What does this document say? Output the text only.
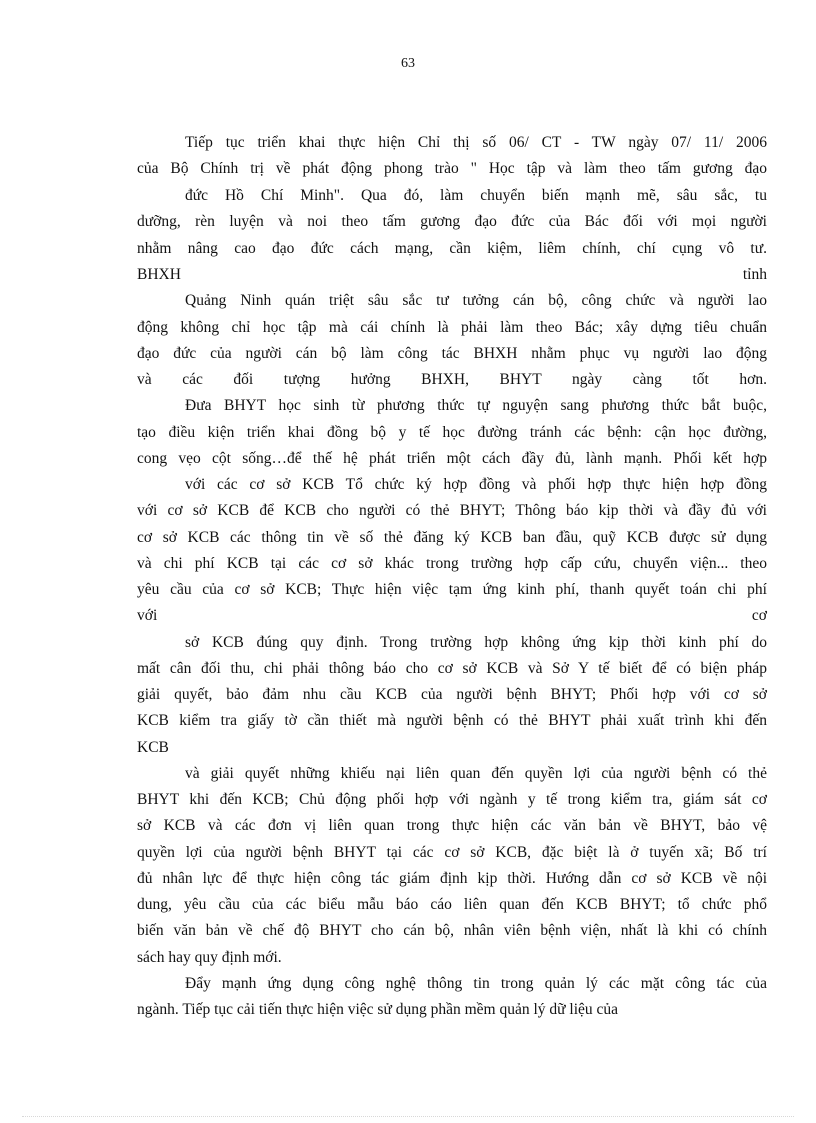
63
Tiếp tục triển khai thực hiện Chỉ thị số 06/ CT - TW ngày 07/ 11/ 2006
của Bộ Chính trị về phát động phong trào " Học tập và làm theo tấm gương đạo
đức Hồ Chí Minh". Qua đó, làm chuyển biến mạnh mẽ, sâu sắc, tu
dưỡng, rèn luyện và noi theo tấm gương đạo đức của Bác đối với mọi người
nhằm nâng cao đạo đức cách mạng, cần kiệm, liêm chính, chí cụng vô tư.
BHXH tỉnh
Quảng Ninh quán triệt sâu sắc tư tưởng cán bộ, công chức và người lao
động không chỉ học tập mà cái chính là phải làm theo Bác; xây dựng tiêu chuẩn
đạo đức của người cán bộ làm công tác BHXH nhằm phục vụ người lao động
và các đối tượng hưởng BHXH, BHYT ngày càng tốt hơn.
Đưa BHYT học sinh từ phương thức tự nguyện sang phương thức bắt buộc,
tạo điều kiện triển khai đồng bộ y tế học đường tránh các bệnh: cận học đường,
cong vẹo cột sống…để thế hệ phát triển một cách đầy đủ, lành mạnh. Phối kết hợp
với các cơ sở KCB Tổ chức ký hợp đồng và phối hợp thực hiện hợp đồng
với cơ sở KCB để KCB cho người có thẻ BHYT; Thông báo kịp thời và đầy đủ với
cơ sở KCB các thông tin về số thẻ đăng ký KCB ban đầu, quỹ KCB được sử dụng
và chi phí KCB tại các cơ sở khác trong trường hợp cấp cứu, chuyển viện... theo
yêu cầu của cơ sở KCB; Thực hiện việc tạm ứng kinh phí, thanh quyết toán chi phí
với cơ
sở KCB đúng quy định. Trong trường hợp không ứng kịp thời kinh phí do
mất cân đối thu, chi phải thông báo cho cơ sở KCB và Sở Y tế biết để có biện pháp
giải quyết, bảo đảm nhu cầu KCB của người bệnh BHYT; Phối hợp với cơ sở
KCB kiểm tra giấy tờ cần thiết mà người bệnh có thẻ BHYT phải xuất trình khi đến
KCB
và giải quyết những khiếu nại liên quan đến quyền lợi của người bệnh có thẻ
BHYT khi đến KCB; Chủ động phối hợp với ngành y tế trong kiểm tra, giám sát cơ
sở KCB và các đơn vị liên quan trong thực hiện các văn bản về BHYT, bảo vệ
quyền lợi của người bệnh BHYT tại các cơ sở KCB, đặc biệt là ở tuyến xã; Bố trí
đủ nhân lực để thực hiện công tác giám định kịp thời. Hướng dẫn cơ sở KCB về nội
dung, yêu cầu của các biểu mẫu báo cáo liên quan đến KCB BHYT; tổ chức phổ
biến văn bản về chế độ BHYT cho cán bộ, nhân viên bệnh viện, nhất là khi có chính
sách hay quy định mới.
Đẩy mạnh ứng dụng công nghệ thông tin trong quản lý các mặt công tác của
ngành. Tiếp tục cải tiến thực hiện việc sử dụng phần mềm quản lý dữ liệu của
